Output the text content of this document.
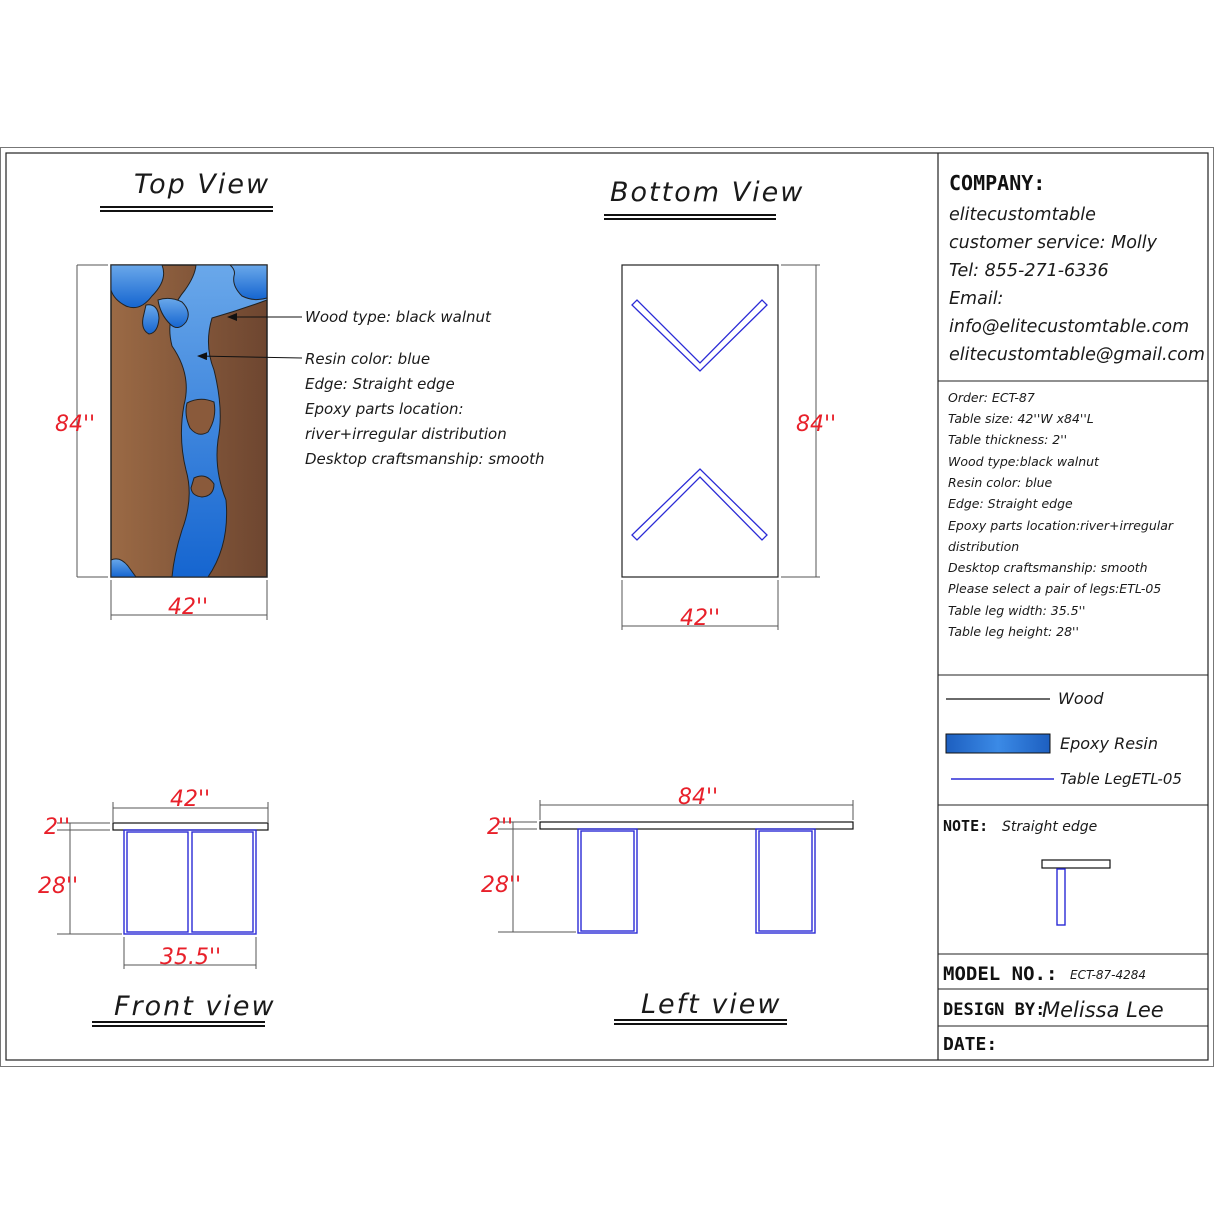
Top View
84''
42''
Wood type: black walnut
Resin color: blue
Edge: Straight edge
Epoxy parts location:
river+irregular distribution
Desktop craftsmanship: smooth
Bottom View
84''
42''
42''
2''
28''
35.5''
Front view
84''
2''
28''
Left view
COMPANY:
elitecustomtable
customer service: Molly
Tel: 855-271-6336
Email:
info@elitecustomtable.com
elitecustomtable@gmail.com
Order: ECT-87
Table size: 42''W x84''L
Table thickness: 2''
Wood type:black walnut
Resin color: blue
Edge: Straight edge
Epoxy parts location:river+irregular
distribution
Desktop craftsmanship: smooth
Please select a pair of legs:ETL-05
Table leg width: 35.5''
Table leg height: 28''
Wood
Epoxy Resin
Table LegETL-05
NOTE: Straight edge
MODEL NO.: ECT-87-4284
DESIGN BY:
Melissa Lee
DATE:
